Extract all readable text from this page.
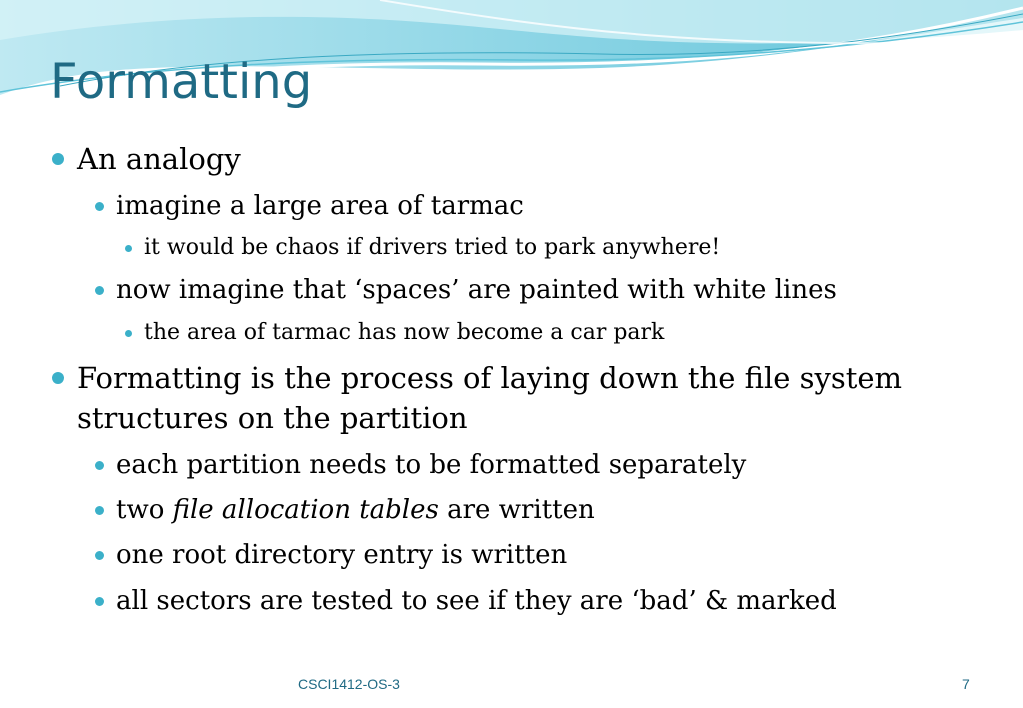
Formatting
An analogy
imagine a large area of tarmac
it would be chaos if drivers tried to park anywhere!
now imagine that ‘spaces’ are painted with white lines
the area of tarmac has now become a car park
Formatting is the process of laying down the file system
structures on the partition
each partition needs to be formatted separately
two file allocation tables are written
one root directory entry is written
all sectors are tested to see if they are ‘bad’ & marked
CSCI1412-OS-3	7
